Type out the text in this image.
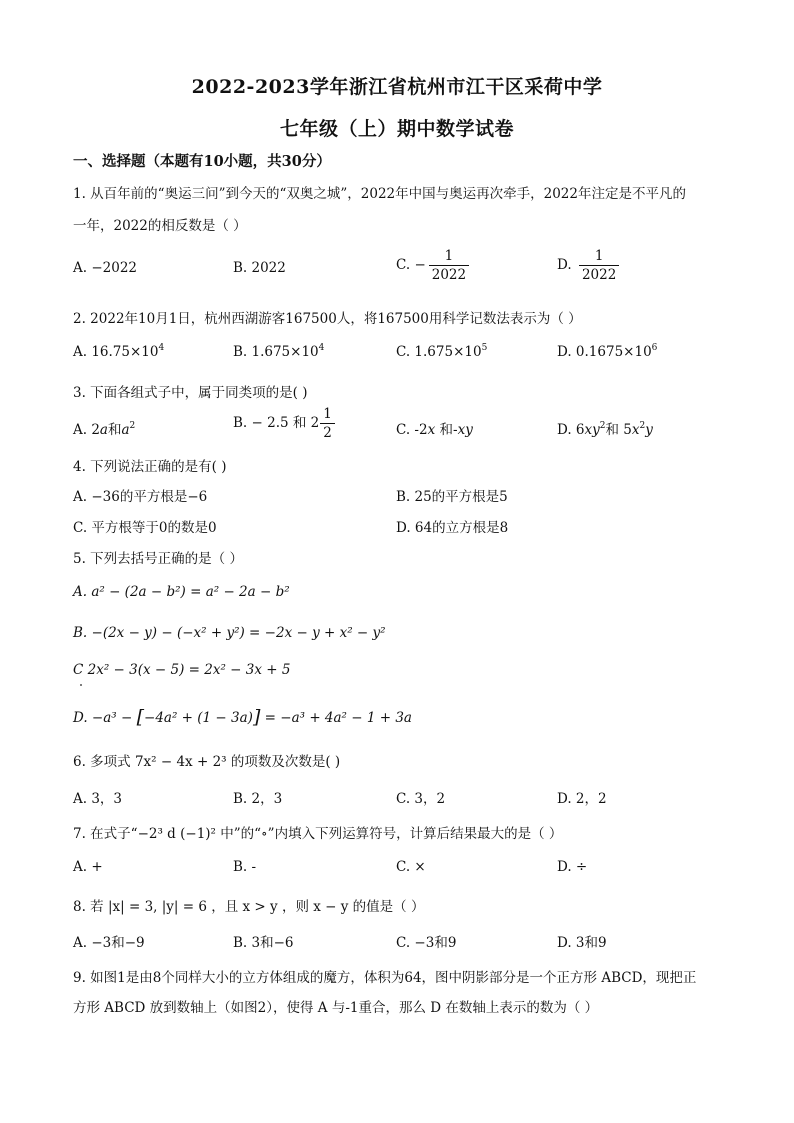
2022-2023学年浙江省杭州市江干区采荷中学
七年级（上）期中数学试卷
一、选择题（本题有10小题，共30分）
1. 从百年前的“奥运三问”到今天的“双奥之城”，2022年中国与奥运再次牵手，2022年注定是不平凡的
一年，2022的相反数是（ ）
A. −2022	B. 2022	C. − $\frac{1}{2022}$	D. $\frac{1}{2022}$
2. 2022年10月1日，杭州西湖游客167500人，将167500用科学记数法表示为（ ）
A. $16.75\times 10^4$	B. $1.675\times 10^4$	C. $1.675\times 10^5$	D. $0.1675\times 10^6$
3. 下面各组式子中，属于同类项的是( )
A. 2a和$a^2$	B. − 2.5 和 $2 \frac{1}{2}$	C. -2x 和-xy	D. $6xy^2$和 $5x^2y$
4. 下列说法正确的是有( )
A. −36的平方根是−6	B. 25的平方根是5
C. 平方根等于0的数是0	D. 64的立方根是8
5. 下列去括号正确的是（ ）
A. a² − (2a − b²) = a² − 2a − b²
B. −(2x − y) − (−x² + y²) = −2x − y + x² − y²
C 2x² − 3(x − 5) = 2x² − 3x + 5
D. −a³ − [−4a² + (1 − 3a)] = −a³ + 4a² − 1 + 3a
6. 多项式 7x² − 4x + 2³ 的项数及次数是( )
A. 3，3	B. 2，3	C. 3，2	D. 2，2
7. 在式子“−2³ d (−1)² 中”的“∘”内填入下列运算符号，计算后结果最大的是（ ）
A. +	B. -	C. ×	D. ÷
8. 若 |x| = 3, |y| = 6 ，且 x > y ，则 x − y 的值是（ ）
A. −3和−9	B. 3和−6	C. −3和9	D. 3和9
9. 如图1是由8个同样大小的立方体组成的魔方，体积为64，图中阴影部分是一个正方形 ABCD，现把正
方形 ABCD 放到数轴上（如图2），使得 A 与-1重合，那么 D 在数轴上表示的数为（ ）
